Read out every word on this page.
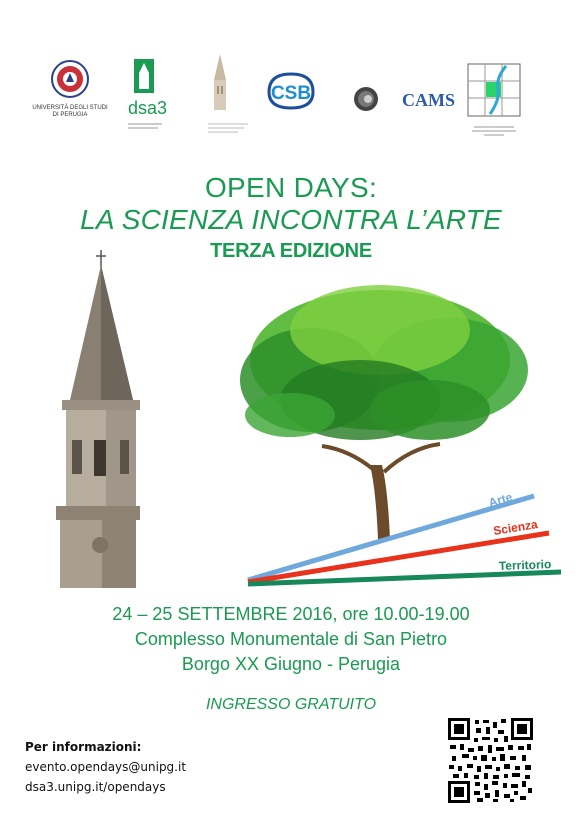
UNIVERSITÀ DEGLI STUDI
DI PERUGIA	dsa3
CSB	CAMS
OPEN DAYS:
LA SCIENZA INCONTRA L’ARTE
TERZA EDIZIONE
Arte
Scienza
Territorio
24 – 25 SETTEMBRE 2016, ore 10.00-19.00
Complesso Monumentale di San Pietro
Borgo XX Giugno - Perugia
INGRESSO GRATUITO
Per informazioni:
evento.opendays@unipg.it
dsa3.unipg.it/opendays
